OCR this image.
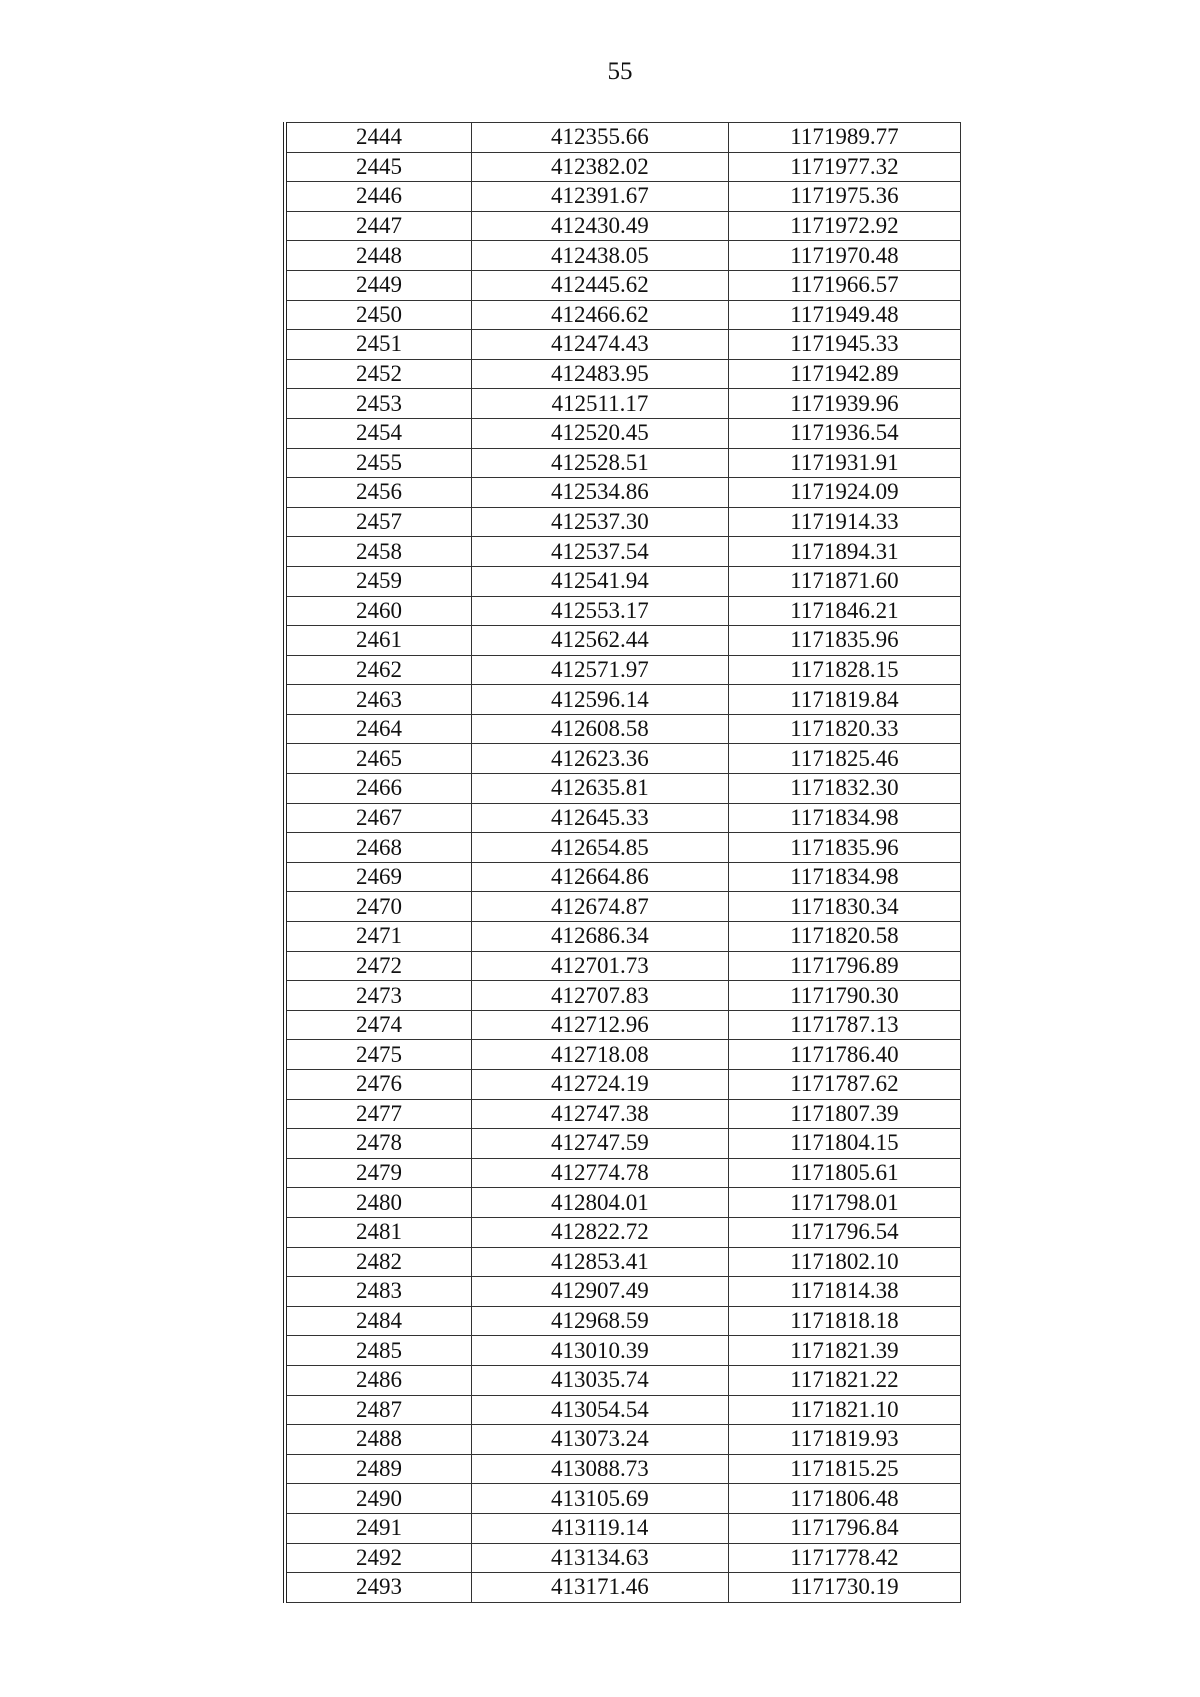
55
2444	412355.66	1171989.77
2445	412382.02	1171977.32
2446	412391.67	1171975.36
2447	412430.49	1171972.92
2448	412438.05	1171970.48
2449	412445.62	1171966.57
2450	412466.62	1171949.48
2451	412474.43	1171945.33
2452	412483.95	1171942.89
2453	412511.17	1171939.96
2454	412520.45	1171936.54
2455	412528.51	1171931.91
2456	412534.86	1171924.09
2457	412537.30	1171914.33
2458	412537.54	1171894.31
2459	412541.94	1171871.60
2460	412553.17	1171846.21
2461	412562.44	1171835.96
2462	412571.97	1171828.15
2463	412596.14	1171819.84
2464	412608.58	1171820.33
2465	412623.36	1171825.46
2466	412635.81	1171832.30
2467	412645.33	1171834.98
2468	412654.85	1171835.96
2469	412664.86	1171834.98
2470	412674.87	1171830.34
2471	412686.34	1171820.58
2472	412701.73	1171796.89
2473	412707.83	1171790.30
2474	412712.96	1171787.13
2475	412718.08	1171786.40
2476	412724.19	1171787.62
2477	412747.38	1171807.39
2478	412747.59	1171804.15
2479	412774.78	1171805.61
2480	412804.01	1171798.01
2481	412822.72	1171796.54
2482	412853.41	1171802.10
2483	412907.49	1171814.38
2484	412968.59	1171818.18
2485	413010.39	1171821.39
2486	413035.74	1171821.22
2487	413054.54	1171821.10
2488	413073.24	1171819.93
2489	413088.73	1171815.25
2490	413105.69	1171806.48
2491	413119.14	1171796.84
2492	413134.63	1171778.42
2493	413171.46	1171730.19
